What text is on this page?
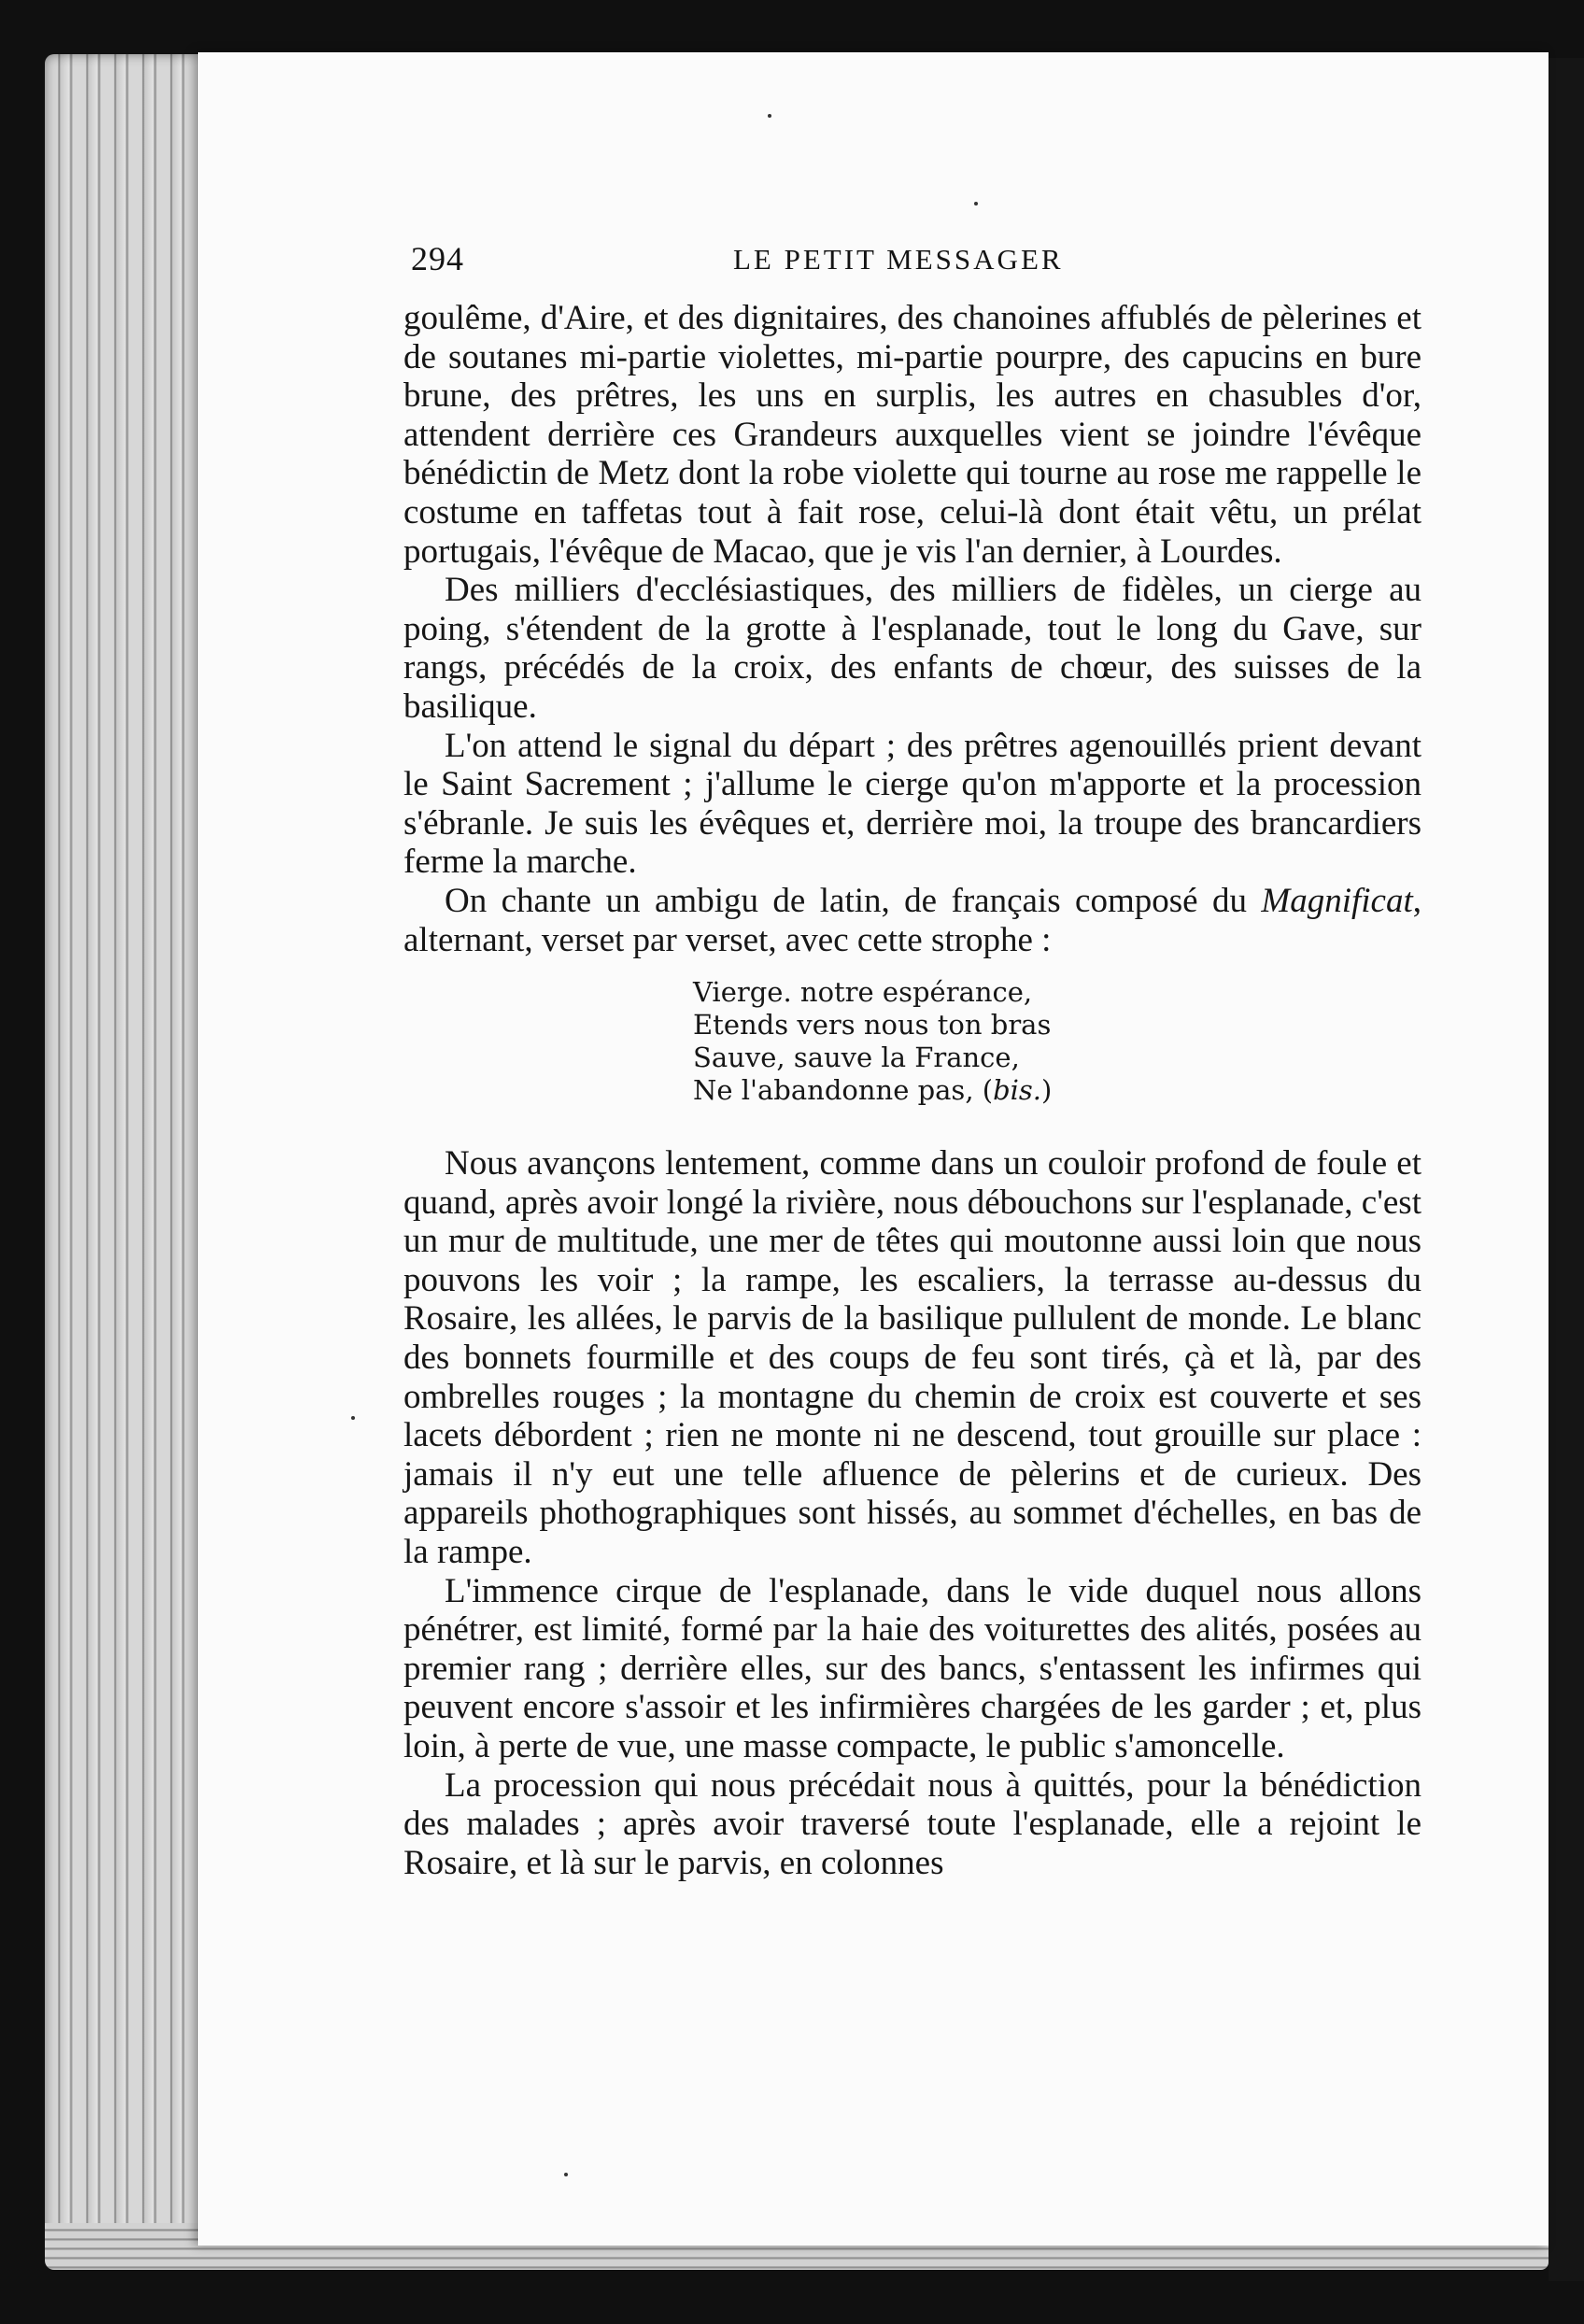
294	LE PETIT MESSAGER

goulême, d'Aire, et des dignitaires, des chanoines affublés de pèlerines et de soutanes mi-partie violettes, mi-partie pourpre, des capucins en bure brune, des prêtres, les uns en surplis, les autres en chasubles d'or, attendent derrière ces Grandeurs auxquelles vient se joindre l'évêque bénédictin de Metz dont la robe violette qui tourne au rose me rappelle le costume en taffetas tout à fait rose, celui-là dont était vêtu, un prélat portugais, l'évêque de Macao, que je vis l'an dernier, à Lourdes.

Des milliers d'ecclésiastiques, des milliers de fidèles, un cierge au poing, s'étendent de la grotte à l'esplanade, tout le long du Gave, sur rangs, précédés de la croix, des enfants de chœur, des suisses de la basilique.

L'on attend le signal du départ ; des prêtres agenouillés prient devant le Saint Sacrement ; j'allume le cierge qu'on m'apporte et la procession s'ébranle. Je suis les évêques et, derrière moi, la troupe des brancardiers ferme la marche.

On chante un ambigu de latin, de français composé du Magnificat, alternant, verset par verset, avec cette strophe :

Vierge. notre espérance,
Etends vers nous ton bras
Sauve, sauve la France,
Ne l'abandonne pas, (bis.)

Nous avançons lentement, comme dans un couloir profond de foule et quand, après avoir longé la rivière, nous débouchons sur l'esplanade, c'est un mur de multitude, une mer de têtes qui moutonne aussi loin que nous pouvons les voir ; la rampe, les escaliers, la terrasse au-dessus du Rosaire, les allées, le parvis de la basilique pullulent de monde. Le blanc des bonnets fourmille et des coups de feu sont tirés, çà et là, par des ombrelles rouges ; la montagne du chemin de croix est couverte et ses lacets débordent ; rien ne monte ni ne descend, tout grouille sur place : jamais il n'y eut une telle afluence de pèlerins et de curieux. Des appareils phothographiques sont hissés, au sommet d'échelles, en bas de la rampe.

L'immence cirque de l'esplanade, dans le vide duquel nous allons pénétrer, est limité, formé par la haie des voiturettes des alités, posées au premier rang ; derrière elles, sur des bancs, s'entassent les infirmes qui peuvent encore s'assoir et les infirmières chargées de les garder ; et, plus loin, à perte de vue, une masse compacte, le public s'amoncelle.

La procession qui nous précédait nous à quittés, pour la bénédiction des malades ; après avoir traversé toute l'esplanade, elle a rejoint le Rosaire, et là sur le parvis, en colonnes
